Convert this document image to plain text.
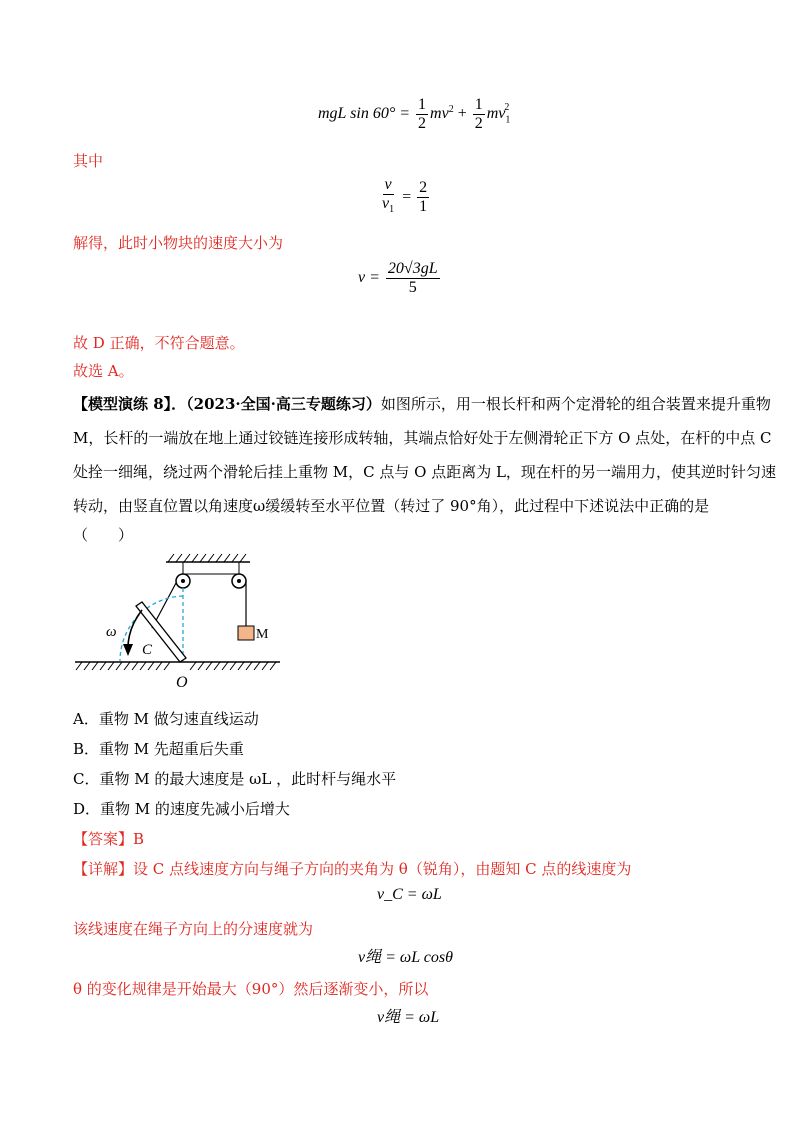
mgL $\sin 60^\circ = \frac{1}{2} mv^2 + \frac{1}{2} mv_1^2$
其中
$\frac{v}{v_1} = \frac{2}{1}$
解得，此时小物块的速度大小为
$v = \frac{20√3gL}{5}$
故 D 正确，不符合题意。
故选 A。
【模型演练 8】．（2023·全国·高三专题练习）如图所示，用一根长杆和两个定滑轮的组合装置来提升重物
M，长杆的一端放在地上通过铰链连接形成转轴，其端点恰好处于左侧滑轮正下方 O 点处，在杆的中点 C
处拴一细绳，绕过两个滑轮后挂上重物 M，C 点与 O 点距离为 L，现在杆的另一端用力，使其逆时针匀速
转动，由竖直位置以角速度ω缓缓转至水平位置（转过了 90°角），此过程中下述说法中正确的是
（　　）
M
ω
C
O
A．重物 M 做匀速直线运动
B．重物 M 先超重后失重
C．重物 M 的最大速度是 ωL ，此时杆与绳水平
D．重物 M 的速度先减小后增大
【答案】B
【详解】设 C 点线速度方向与绳子方向的夹角为 θ（锐角），由题知 C 点的线速度为
v_C = ωL
该线速度在绳子方向上的分速度就为
v绳 = ωL cosθ
θ 的变化规律是开始最大（90°）然后逐渐变小，所以
v绳 = ωL
